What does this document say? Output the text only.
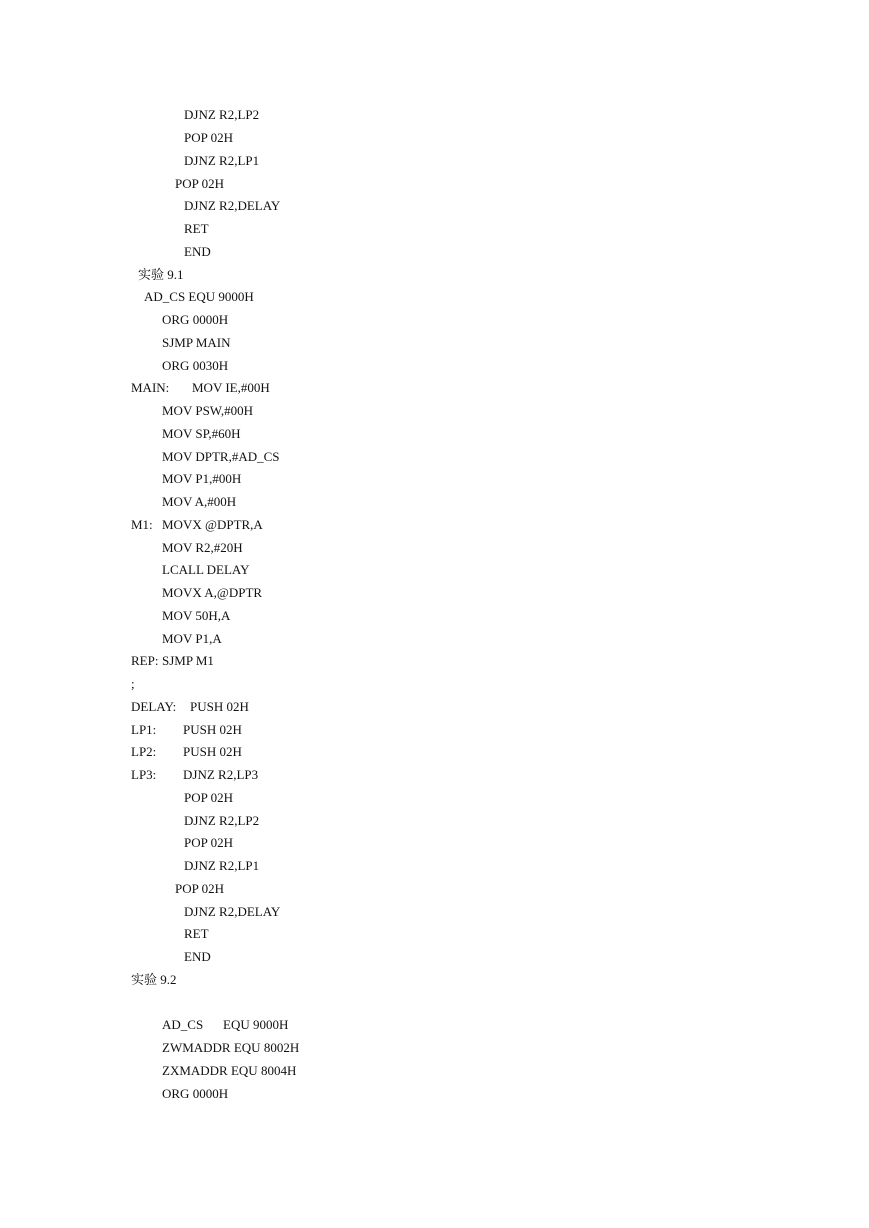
DJNZ R2,LP2
POP 02H
DJNZ R2,LP1
POP 02H
DJNZ R2,DELAY
RET
END
实验 9.1
AD_CS EQU 9000H
ORG 0000H
SJMP MAIN
ORG 0030H
MAIN: MOV IE,#00H
MOV PSW,#00H
MOV SP,#60H
MOV DPTR,#AD_CS
MOV P1,#00H
MOV A,#00H
M1: MOVX @DPTR,A
MOV R2,#20H
LCALL DELAY
MOVX A,@DPTR
MOV 50H,A
MOV P1,A
REP: SJMP M1
;
DELAY: PUSH 02H
LP1: PUSH 02H
LP2: PUSH 02H
LP3: DJNZ R2,LP3
POP 02H
DJNZ R2,LP2
POP 02H
DJNZ R2,LP1
POP 02H
DJNZ R2,DELAY
RET
END
实验 9.2
AD_CS EQU 9000H
ZWMADDR EQU 8002H
ZXMADDR EQU 8004H
ORG 0000H
